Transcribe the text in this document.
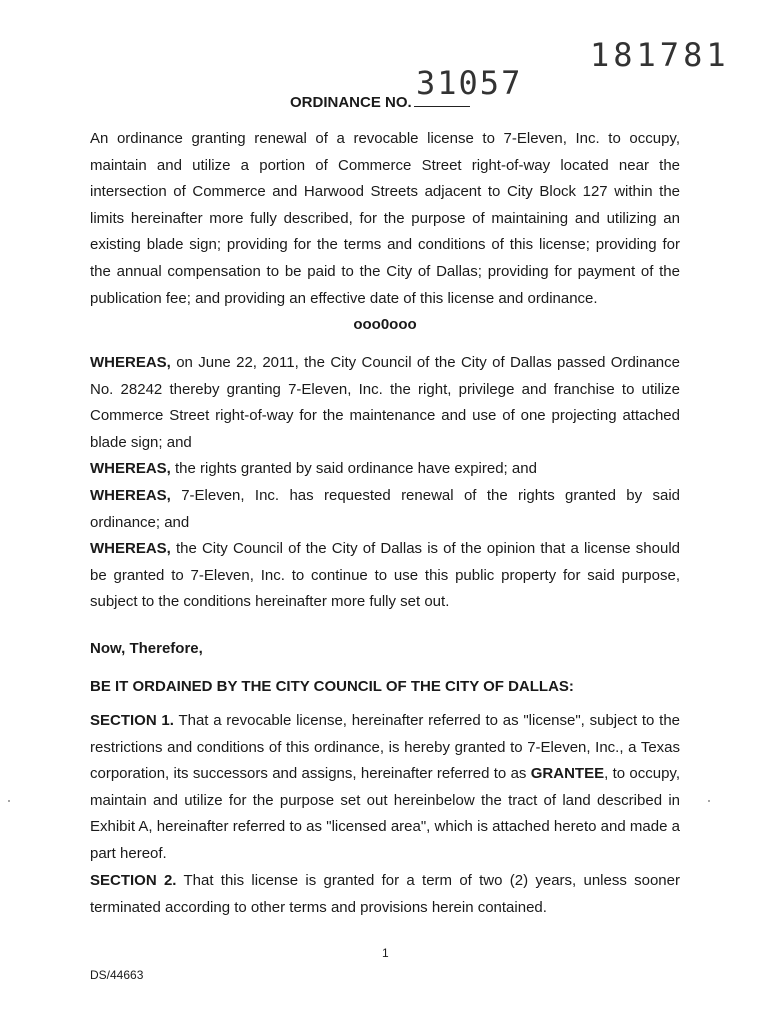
181781
31057
ORDINANCE NO.

An ordinance granting renewal of a revocable license to 7-Eleven, Inc. to occupy, maintain and utilize a portion of Commerce Street right-of-way located near the intersection of Commerce and Harwood Streets adjacent to City Block 127 within the limits hereinafter more fully described, for the purpose of maintaining and utilizing an existing blade sign; providing for the terms and conditions of this license; providing for the annual compensation to be paid to the City of Dallas; providing for payment of the publication fee; and providing an effective date of this license and ordinance.

ooo0ooo

WHEREAS, on June 22, 2011, the City Council of the City of Dallas passed Ordinance No. 28242 thereby granting 7-Eleven, Inc. the right, privilege and franchise to utilize Commerce Street right-of-way for the maintenance and use of one projecting attached blade sign; and

WHEREAS, the rights granted by said ordinance have expired; and

WHEREAS, 7-Eleven, Inc. has requested renewal of the rights granted by said ordinance; and

WHEREAS, the City Council of the City of Dallas is of the opinion that a license should be granted to 7-Eleven, Inc. to continue to use this public property for said purpose, subject to the conditions hereinafter more fully set out.

Now, Therefore,
BE IT ORDAINED BY THE CITY COUNCIL OF THE CITY OF DALLAS:

SECTION 1. That a revocable license, hereinafter referred to as "license", subject to the restrictions and conditions of this ordinance, is hereby granted to 7-Eleven, Inc., a Texas corporation, its successors and assigns, hereinafter referred to as GRANTEE, to occupy, maintain and utilize for the purpose set out hereinbelow the tract of land described in Exhibit A, hereinafter referred to as "licensed area", which is attached hereto and made a part hereof.

SECTION 2. That this license is granted for a term of two (2) years, unless sooner terminated according to other terms and provisions herein contained.

1
DS/44663
